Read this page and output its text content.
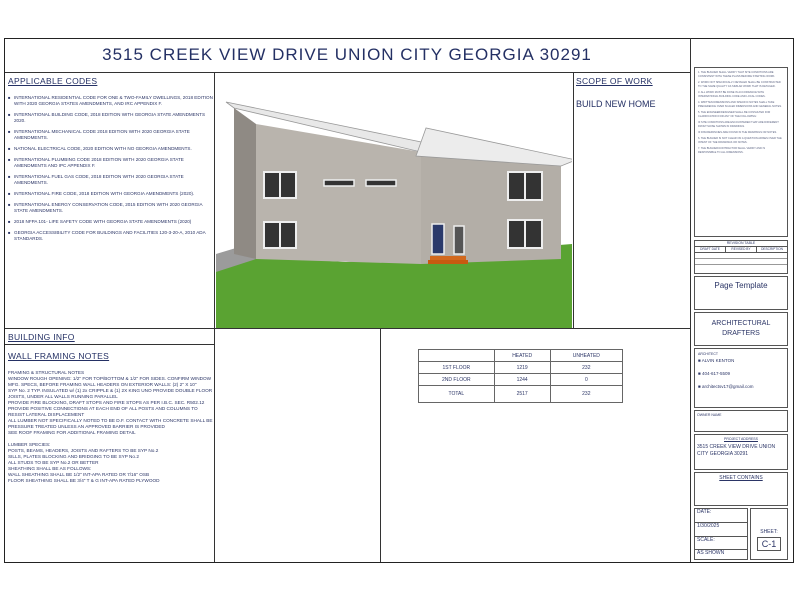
3515 CREEK VIEW DRIVE UNION CITY GEORGIA 30291
APPLICABLE CODES
■ INTERNATIONAL RESIDENTIAL CODE FOR ONE & TWO-FAMILY DWELLINGS, 2018 EDITION WITH 2020 GEORGIA STATES AMENDMENTS, AND IRC APPENDIX F.
■ INTERNATIONAL BUILDING CODE, 2018 EDITION WITH GEORGIA STATE AMENDMENTS 2020.
■ INTERNATIONAL MECHANICAL CODE 2018 EDITION WITH 2020 GEORGIA STATE AMENDMENTS.
■ NATIONAL ELECTRICAL CODE, 2020 EDITION WITH NO GEORGIA AMENDMENTS.
■ INTERNATIONAL PLUMBING CODE 2018 EDITION WITH 2020 GEORGIA STATE AMENDMENTS AND IPC APPENDIX F.
■ INTERNATIONAL FUEL GAS CODE, 2018 EDITION WITH 2020 GEORGIA STATE AMENDMENTS.
■ INTERNATIONAL FIRE CODE, 2018 EDITION WITH GEORGIA AMENDMENTS (2020).
■ INTERNATIONAL ENERGY CONSERVATION CODE, 2015 EDITION WITH 2020 GEORGIA STATE AMENDMENTS.
■ 2018 NFPA 101- LIFE SAFETY CODE WITH GEORGIA STATE AMENDMENTS (2020)
■ GEORGIA ACCESSIBILITY CODE FOR BUILDINGS AND FACILITIES 120-3-20-A, 2010 ADA STANDARDS.
SCOPE OF WORK
BUILD NEW HOME
BUILDING INFO
WALL FRAMING NOTES
FRAMING & STRUCTURAL NOTES
WINDOW ROUGH OPENING: 1/2" FOR TOP/BOTTOM & 1/2" FOR SIDES. CONFIRM WINDOW MFG. SPECS, BEFORE FRAMING WALL HEADERS ON EXTERIOR WALLS: (2) 2" X 10"
SYP No. 2 TYP. INSULATED w/ (1) 2x CRIPPLE & (1) 2X KING UNO PROVIDE DOUBLE FLOOR JOISTS, UNDER ALL WALLS RUNNING PARALLEL
PROVIDE FIRE BLOCKING, DRAFT STOPS AND FIRE STOPS AS PER I.B.C. SEC. R502.12
PROVIDE POSITIVE CONNECTIONS AT EACH END OF ALL POSTS AND COLUMNS TO RESIST LATERAL DISPLACEMENT
ALL LUMBER NOT SPECIFICALLY NOTED TO BE D.F. CONTACT WITH CONCRETE SHALL BE PRESSURE TREATED UNLESS AN APPROVED BARRIER IS PROVIDED
SEE ROOF FRAMING FOR ADDITIONAL FRAMING DETAIL

LUMBER SPECIES:
POSTS, BEAMS, HEADERS, JOISTS AND RAFTERS TO BE SYP No.2
SILLS, PLATES BLOCKING AND BRIDGING TO BE SYP No.2
ALL STUDS TO BE SYP No.2 OR BETTER
SHEATHING SHALL BE AS FOLLOWS:
WALL SHEATHING SHALL BE 1/2" INT-APA RATED OR 7/16" OSB
FLOOR SHEATHING SHALL BE 3/4" T & G INT-APA RATED PLYWOOD
	HEATED	UNHEATED
1ST FLOOR	1219	232
2ND FLOOR	1244	0
TOTAL	2517	232

1. THE BUILDER SHALL VERIFY THAT SITE CONDITIONS ARE CONSISTENT WITH THESE PLANS BEFORE STARTING WORK.

2. WORK NOT SPECIFICALLY DETAILED SHALL BE CONSTRUCTED TO THE SAME QUALITY AS SIMILAR WORK THAT IS DETAILED.

3. ALL WORK MUST BE DONE IN ACCORDANCE WITH INTERNATIONAL BUILDING CODE AND LOCAL CODES.

4. WRITTEN DIMENSIONS AND SPECIFIC NOTES SHALL TAKE PRECEDENCE OVER SCALED DIMENSIONS AND GENERAL NOTES.

5. THE ENGINEER/DESIGNER SHALL BE CONSULTED FOR CLARIFICATION FOR ANY OF THE FOLLOWING:

IF SITE CONDITIONS ARE ENCOUNTERED THAT ARE DIFFERENT FROM THOSE SHOWN IN DRAWINGS.

IF DISCREPANCIES ARE FOUND IN THE DRAWINGS OR NOTES.

6. THE BUILDER IS NOT CLEAR ON A QUESTION ARISES OVER THE INTENT OF THE DRAWINGS OR NOTES.

7. THE BUILDER/CONTRACTOR SHALL VERIFY AND IS RESPONSIBLE TO ALL DIMENSIONS.

REVISION TABLE
DRAFT DATE	REVISED BY	DESCRIPTION
Page Template
ARCHITECTURAL DRAFTERS
ARCHITECT
■ ALVIN KENTON
■ 404-617-5509
■ architectsv17@gmail.com
OWNER NAME
PROJECT ADDRESS
3515 CREEK VIEW DRIVE UNION CITY GEORGIA 30291
SHEET CONTAINS
DATE:
1/30/2025
SCALE:
AS SHOWN
SHEET:
C-1
